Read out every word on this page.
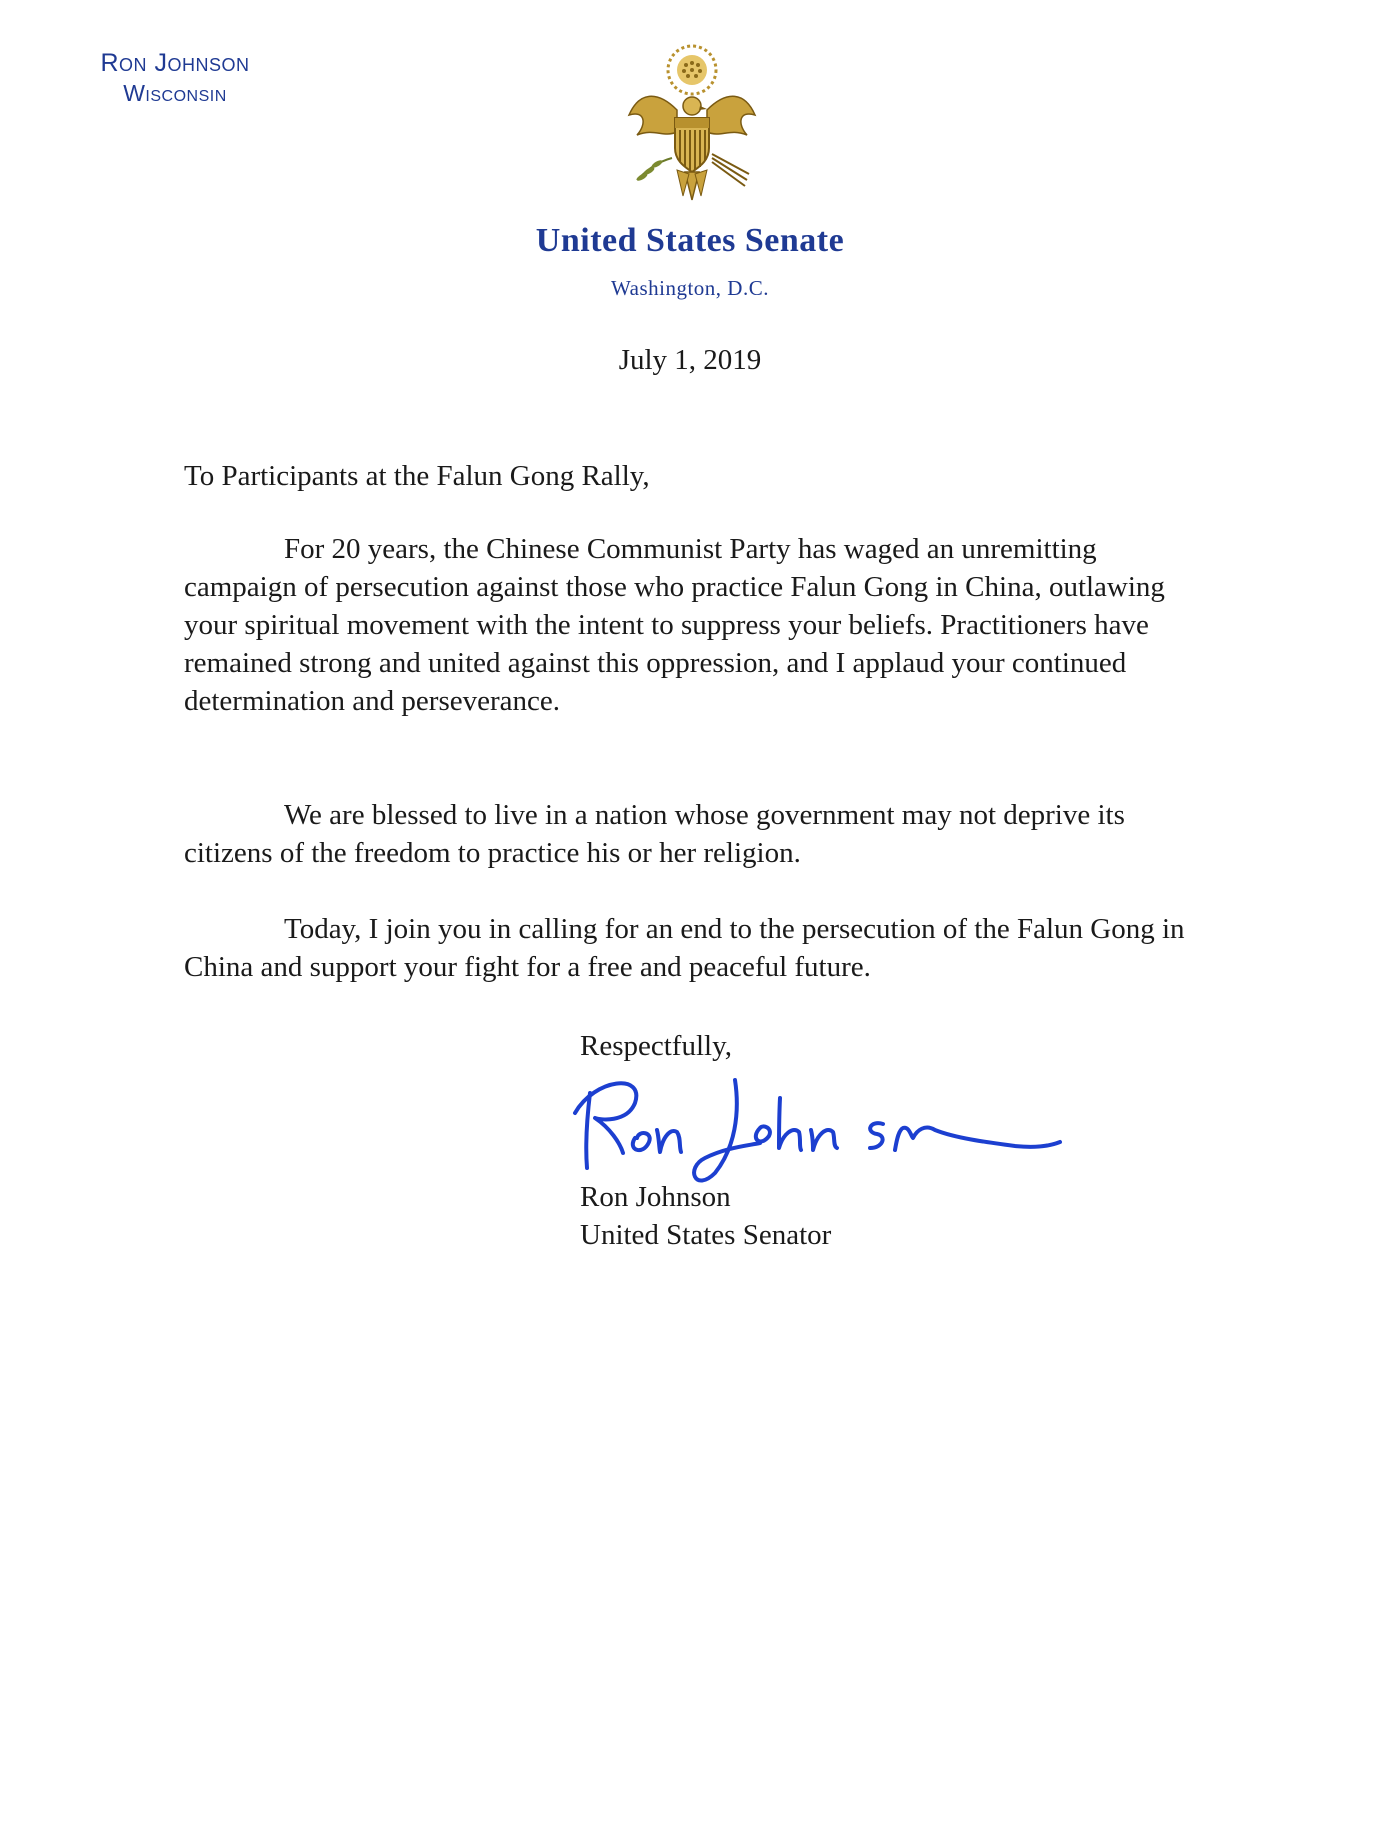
Ron Johnson
Wisconsin
United States Senate
Washington, D.C.
July 1, 2019
To Participants at the Falun Gong Rally,

For 20 years, the Chinese Communist Party has waged an unremitting campaign of persecution against those who practice Falun Gong in China, outlawing your spiritual movement with the intent to suppress your beliefs. Practitioners have remained strong and united against this oppression, and I applaud your continued determination and perseverance.

We are blessed to live in a nation whose government may not deprive its citizens of the freedom to practice his or her religion.

Today, I join you in calling for an end to the persecution of the Falun Gong in China and support your fight for a free and peaceful future.

Respectfully,
Ron Johnson
United States Senator
